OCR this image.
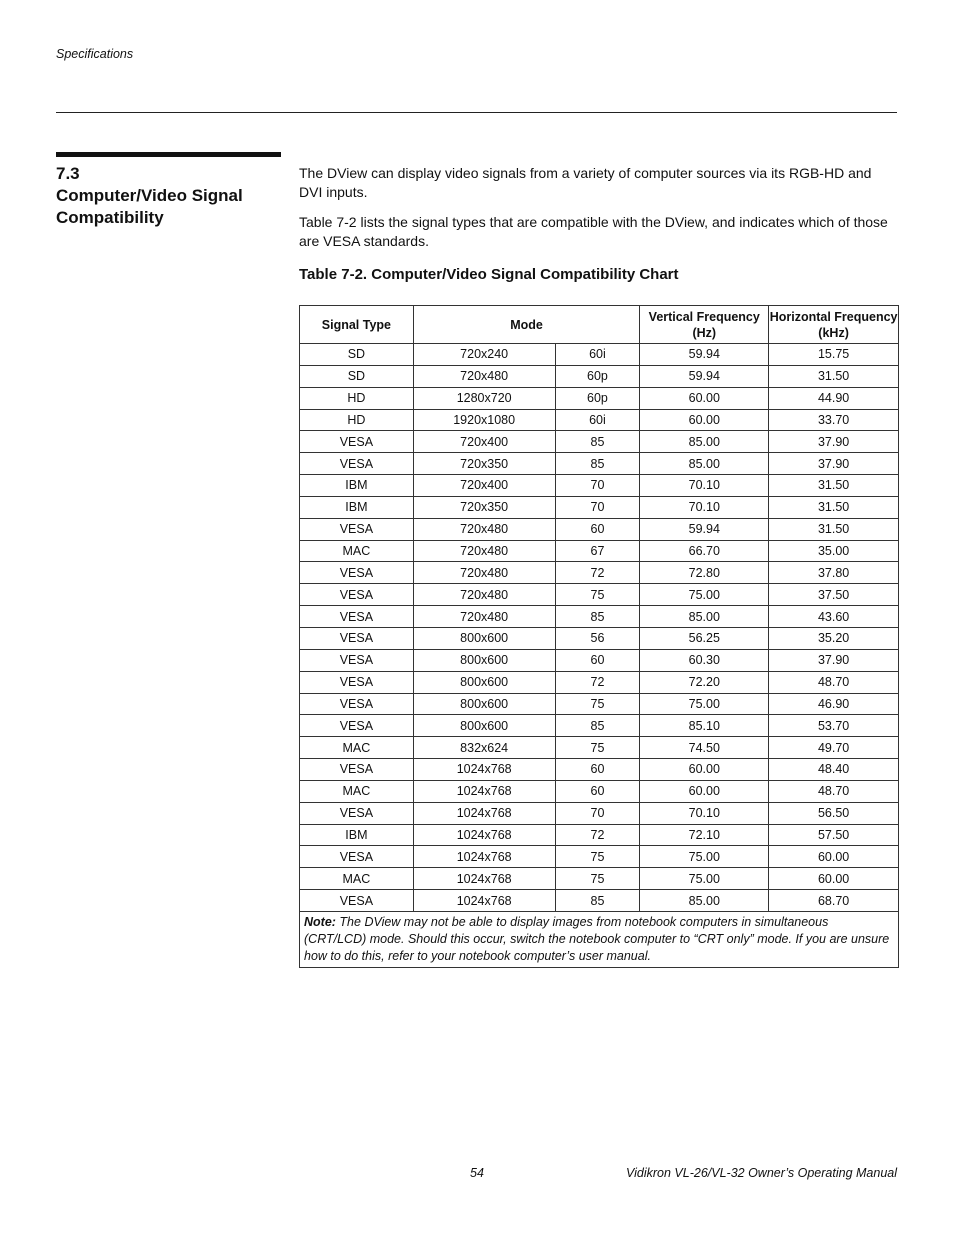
Specifications
7.3
Computer/Video Signal Compatibility
The DView can display video signals from a variety of computer sources via its RGB-HD and DVI inputs.
Table 7-2 lists the signal types that are compatible with the DView, and indicates which of those are VESA standards.
Table 7-2. Computer/Video Signal Compatibility Chart
Signal Type	Mode		Vertical Frequency (Hz)	Horizontal Frequency (kHz)
SD	720x240	60i	59.94	15.75
SD	720x480	60p	59.94	31.50
HD	1280x720	60p	60.00	44.90
HD	1920x1080	60i	60.00	33.70
VESA	720x400	85	85.00	37.90
VESA	720x350	85	85.00	37.90
IBM	720x400	70	70.10	31.50
IBM	720x350	70	70.10	31.50
VESA	720x480	60	59.94	31.50
MAC	720x480	67	66.70	35.00
VESA	720x480	72	72.80	37.80
VESA	720x480	75	75.00	37.50
VESA	720x480	85	85.00	43.60
VESA	800x600	56	56.25	35.20
VESA	800x600	60	60.30	37.90
VESA	800x600	72	72.20	48.70
VESA	800x600	75	75.00	46.90
VESA	800x600	85	85.10	53.70
MAC	832x624	75	74.50	49.70
VESA	1024x768	60	60.00	48.40
MAC	1024x768	60	60.00	48.70
VESA	1024x768	70	70.10	56.50
IBM	1024x768	72	72.10	57.50
VESA	1024x768	75	75.00	60.00
MAC	1024x768	75	75.00	60.00
VESA	1024x768	85	85.00	68.70
Note: The DView may not be able to display images from notebook computers in simultaneous (CRT/LCD) mode. Should this occur, switch the notebook computer to “CRT only” mode. If you are unsure how to do this, refer to your notebook computer’s user manual.				
54	Vidikron VL-26/VL-32 Owner’s Operating Manual
